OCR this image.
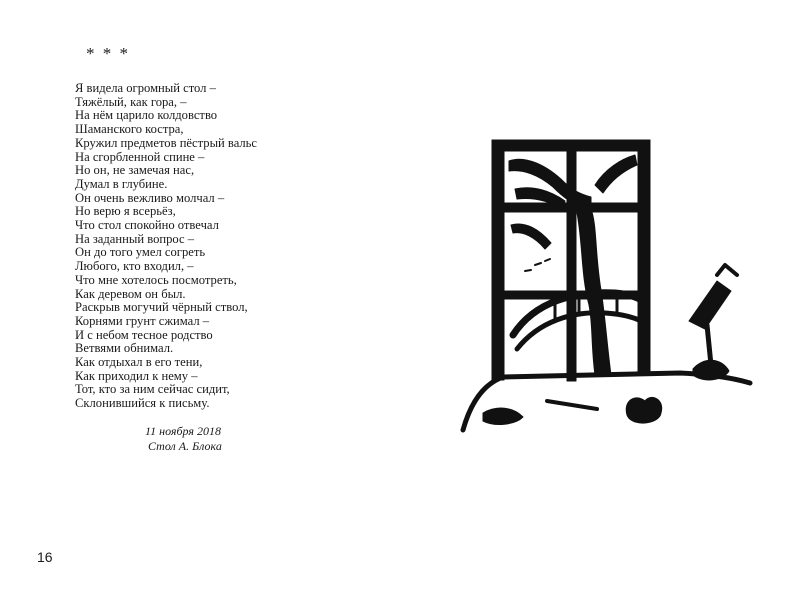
* * *
Я видела огромный стол –
Тяжёлый, как гора, –
На нём царило колдовство
Шаманского костра,
Кружил предметов пёстрый вальс
На сгорбленной спине –
Но он, не замечая нас,
Думал в глубине.
Он очень вежливо молчал –
Но верю я всерьёз,
Что стол спокойно отвечал
На заданный вопрос –
Он до того умел согреть
Любого, кто входил, –
Что мне хотелось посмотреть,
Как деревом он был.
Раскрыв могучий чёрный ствол,
Корнями грунт сжимал –
И с небом тесное родство
Ветвями обнимал.
Как отдыхал в его тени,
Как приходил к нему –
Тот, кто за ним сейчас сидит,
Склонившийся к письму.
11 ноября 2018
Стол А. Блока
16
